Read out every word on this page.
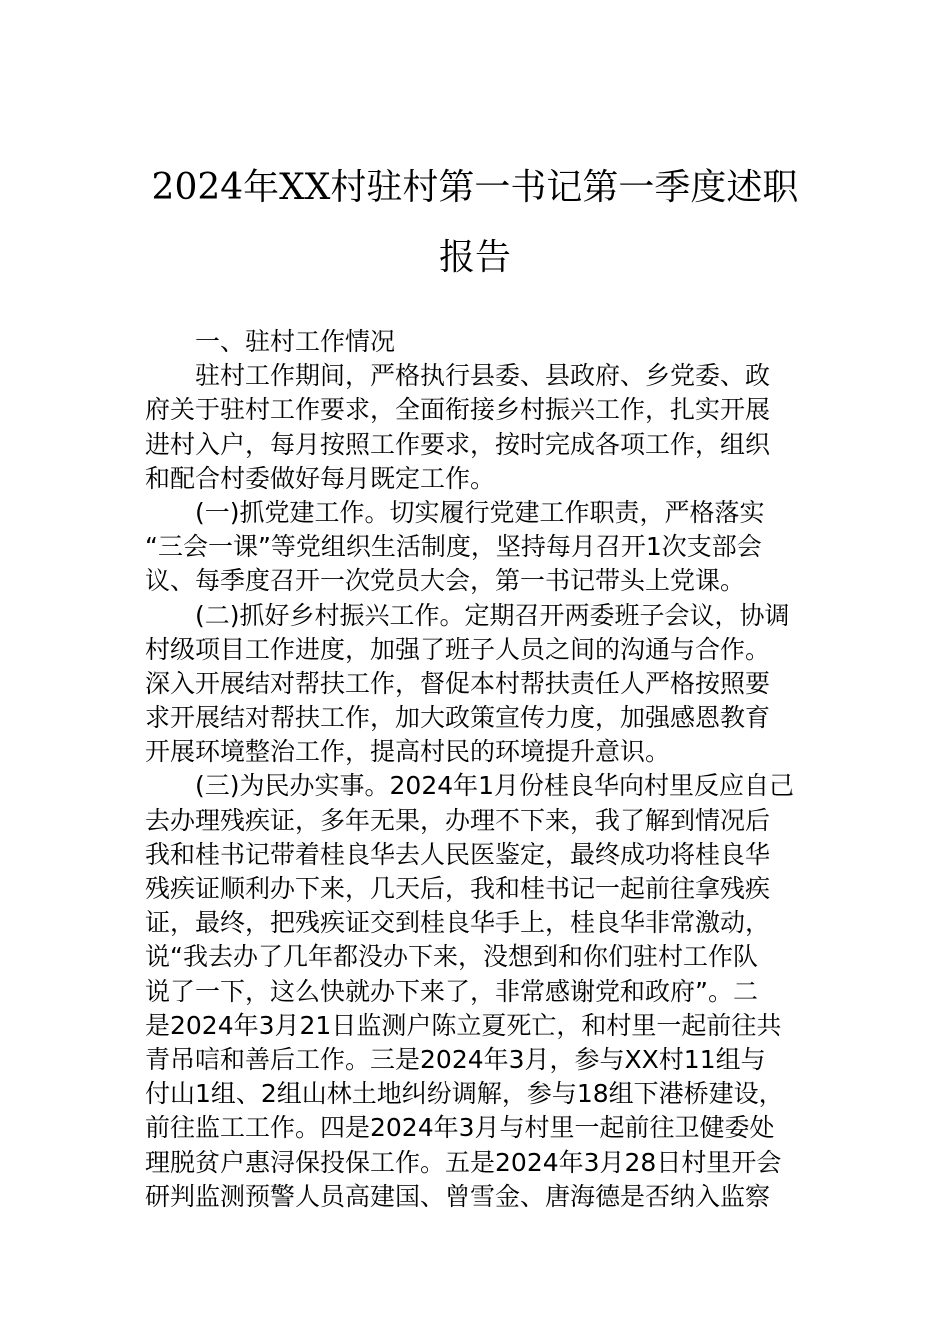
2024年XX村驻村第一书记第一季度述职
报告
一、驻村工作情况
驻村工作期间，严格执行县委、县政府、乡党委、政
府关于驻村工作要求，全面衔接乡村振兴工作，扎实开展
进村入户，每月按照工作要求，按时完成各项工作，组织
和配合村委做好每月既定工作。
(一)抓党建工作。切实履行党建工作职责，严格落实
“三会一课”等党组织生活制度，坚持每月召开1次支部会
议、每季度召开一次党员大会，第一书记带头上党课。
(二)抓好乡村振兴工作。定期召开两委班子会议，协调
村级项目工作进度，加强了班子人员之间的沟通与合作。
深入开展结对帮扶工作，督促本村帮扶责任人严格按照要
求开展结对帮扶工作，加大政策宣传力度，加强感恩教育
开展环境整治工作，提高村民的环境提升意识。
(三)为民办实事。2024年1月份桂良华向村里反应自己
去办理残疾证，多年无果，办理不下来，我了解到情况后
我和桂书记带着桂良华去人民医鉴定，最终成功将桂良华
残疾证顺利办下来，几天后，我和桂书记一起前往拿残疾
证，最终，把残疾证交到桂良华手上，桂良华非常激动，
说“我去办了几年都没办下来，没想到和你们驻村工作队
说了一下，这么快就办下来了，非常感谢党和政府”。二
是2024年3月21日监测户陈立夏死亡，和村里一起前往共
青吊唁和善后工作。三是2024年3月，参与XX村11组与
付山1组、2组山林土地纠纷调解，参与18组下港桥建设，
前往监工工作。四是2024年3月与村里一起前往卫健委处
理脱贫户惠浔保投保工作。五是2024年3月28日村里开会
研判监测预警人员高建国、曾雪金、唐海德是否纳入监察
